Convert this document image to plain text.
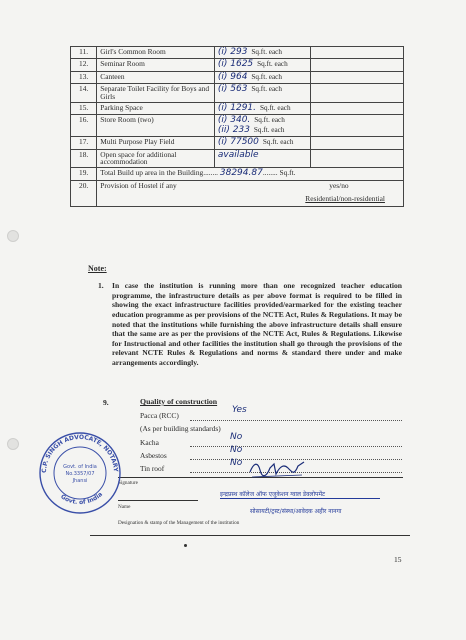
11.	Girl's Common Room	(i) 293 Sq.ft. each	

12.	Seminar Room	(i) 1625 Sq.ft. each	

13.	Canteen	(i) 964 Sq.ft. each	

14.	Separate Toilet Facility for Boys and Girls	(i) 563 Sq.ft. each	

15.	Parking Space	(i) 1291. Sq.ft. each	

16.	Store Room (two)	(i) 340. Sq.ft. each
(ii) 233 Sq.ft. each	

17.	Multi Purpose Play Field	(i) 77500 Sq.ft. each	

18.	Open space for additional accommodation	available	

19.	Total Build up area in the Building........ 38294.87........ Sq.ft.		
20.	Provision of Hostel if any yes/no
Residential/non-residential		
Note:
1. In case the institution is running more than one recognized teacher education programme, the infrastructure details as per above format is required to be filled in showing the exact infrastructure facilities provided/earmarked for the existing teacher education programme as per provisions of the NCTE Act, Rules & Regulations. It may be noted that the institutions while furnishing the above infrastructure details shall ensure that the same are as per the provisions of the NCTE Act, Rules & Regulations. Likewise for Instructional and other facilities the institution shall go through the provisions of the relevant NCTE Rules & Regulations and norms & standard there under and make arrangements accordingly.
9.	Quality of construction
Pacca (RCC)
Yes
(As per building standards)
Kacha
No
Asbestos
No
Tin roof
No
Signature
Name
Designation & stamp of the Management of the institution
इन्द्रप्रस्थ कॉलेज ऑफ एजुकेशन ग्वाल डेवलोपमेंट
सोसायटी/ट्रस्ट/संस्था/आवेदक अहीर नानगा
C.P. SINGH ADVOCATE, NOTARY
Govt. of India
Govt. of India
No.3357/07
Jhansi
15
